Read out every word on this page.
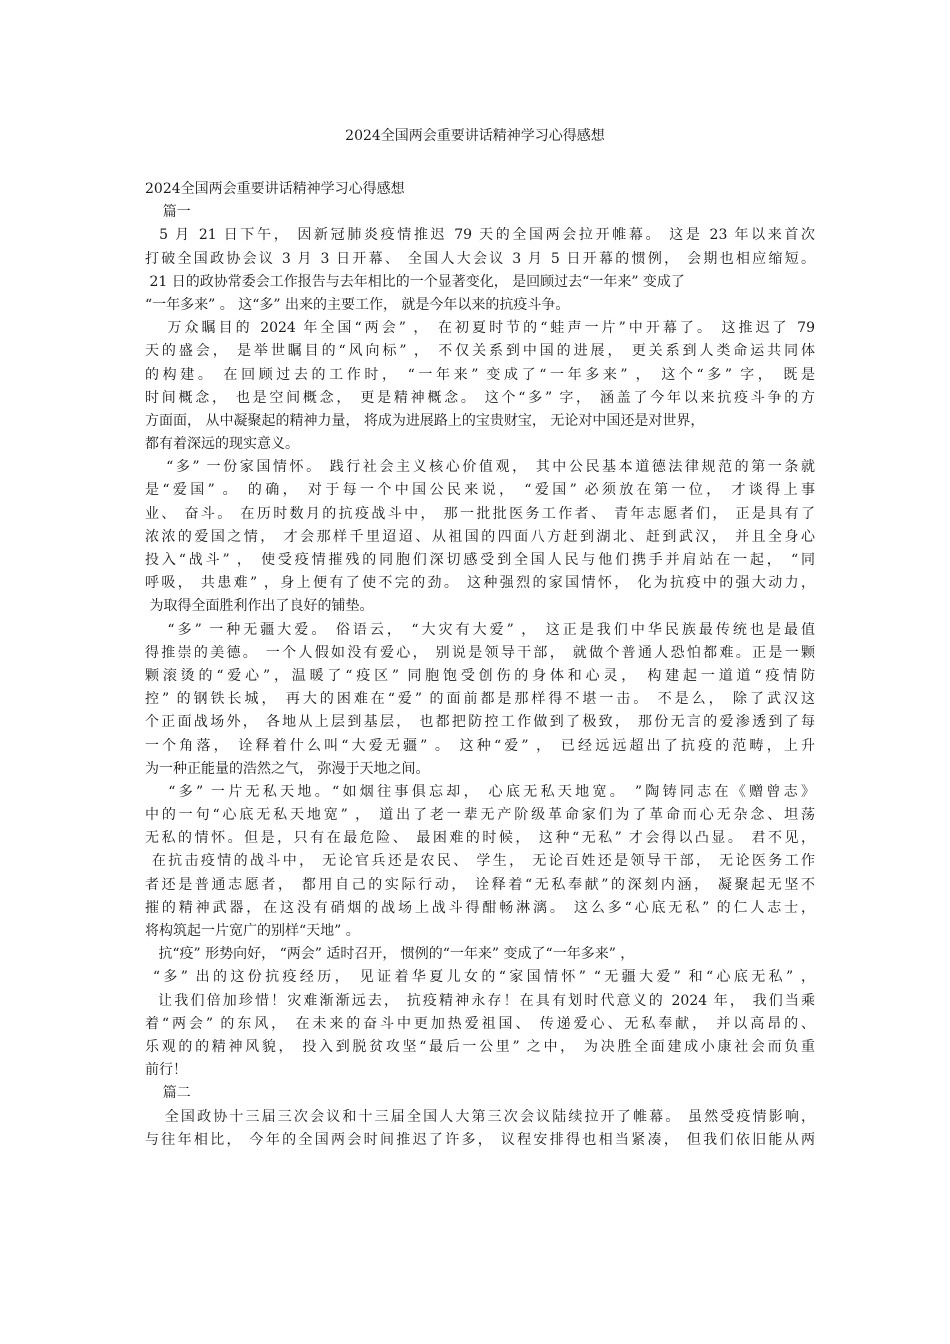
2024全国两会重要讲话精神学习心得感想
2024全国两会重要讲话精神学习心得感想
篇一
5 月 21 日下午， 因新冠肺炎疫情推迟 79 天的全国两会拉开帷幕。 这是 23 年以来首次
打破全国政协会议 3 月 3 日开幕、 全国人大会议 3 月 5 日开幕的惯例， 会期也相应缩短。
21 日的政协常委会工作报告与去年相比的一个显著变化， 是回顾过去“一年来” 变成了
“一年多来” 。 这“多” 出来的主要工作， 就是今年以来的抗疫斗争。
万众瞩目的 2024 年全国“两会” ， 在初夏时节的“蛙声一片”中开幕了。 这推迟了 79
天的盛会， 是举世瞩目的“风向标” ， 不仅关系到中国的进展， 更关系到人类命运共同体
的构建。 在回顾过去的工作时， “一年来” 变成了“一年多来” ， 这个“多” 字， 既是
时间概念， 也是空间概念， 更是精神概念。 这个“多” 字， 涵盖了今年以来抗疫斗争的方
方面面， 从中凝聚起的精神力量， 将成为进展路上的宝贵财宝， 无论对中国还是对世界，
都有着深远的现实意义。
“多” 一份家国情怀。 践行社会主义核心价值观， 其中公民基本道德法律规范的第一条就
是“爱国” 。 的确， 对于每一个中国公民来说， “爱国” 必须放在第一位， 才谈得上事
业、 奋斗。 在历时数月的抗疫战斗中， 那一批批医务工作者、 青年志愿者们， 正是具有了
浓浓的爱国之情， 才会那样千里迢迢、从祖国的四面八方赶到湖北、赶到武汉， 并且全身心
投入“战斗” ， 使受疫情摧残的同胞们深切感受到全国人民与他们携手并肩站在一起， “同
呼吸， 共患难” ，身上便有了使不完的劲。 这种强烈的家国情怀， 化为抗疫中的强大动力，
为取得全面胜利作出了良好的铺垫。
“多” 一种无疆大爱。 俗语云， “大灾有大爱” ， 这正是我们中华民族最传统也是最值
得推崇的美德。 一个人假如没有爱心， 别说是领导干部， 就做个普通人恐怕都难。正是一颗
颗滚烫的“爱心”，温暖了“疫区” 同胞饱受创伤的身体和心灵， 构建起一道道“疫情防
控” 的钢铁长城， 再大的困难在“爱” 的面前都是那样得不堪一击。 不是么， 除了武汉这
个正面战场外， 各地从上层到基层， 也都把防控工作做到了极致， 那份无言的爱渗透到了每
一个角落， 诠释着什么叫“大爱无疆” 。 这种“爱” ， 已经远远超出了抗疫的范畴，上升
为一种正能量的浩然之气， 弥漫于天地之间。
“多” 一片无私天地。“如烟往事俱忘却， 心底无私天地宽。 ”陶铸同志在《赠曾志》
中的一句“心底无私天地宽” ， 道出了老一辈无产阶级革命家们为了革命而心无杂念、坦荡
无私的情怀。但是，只有在最危险、 最困难的时候， 这种“无私” 才会得以凸显。 君不见，
在抗击疫情的战斗中， 无论官兵还是农民、 学生， 无论百姓还是领导干部， 无论医务工作
者还是普通志愿者， 都用自己的实际行动， 诠释着“无私奉献”的深刻内涵， 凝聚起无坚不
摧的精神武器，在这没有硝烟的战场上战斗得酣畅淋漓。 这么多“心底无私” 的仁人志士，
将构筑起一片宽广的别样“天地” 。
抗“疫” 形势向好， “两会” 适时召开， 惯例的“一年来” 变成了“一年多来” ，
“多” 出的这份抗疫经历， 见证着华夏儿女的“家国情怀” “无疆大爱” 和“心底无私” ，
让我们倍加珍惜！灾难渐渐远去， 抗疫精神永存！在具有划时代意义的 2024 年， 我们当乘
着“两会” 的东风， 在未来的奋斗中更加热爱祖国、 传递爱心、无私奉献， 并以高昂的、
乐观的的精神风貌， 投入到脱贫攻坚“最后一公里” 之中， 为决胜全面建成小康社会而负重
前行！
篇二
全国政协十三届三次会议和十三届全国人大第三次会议陆续拉开了帷幕。 虽然受疫情影响，
与往年相比， 今年的全国两会时间推迟了许多， 议程安排得也相当紧凑， 但我们依旧能从两
